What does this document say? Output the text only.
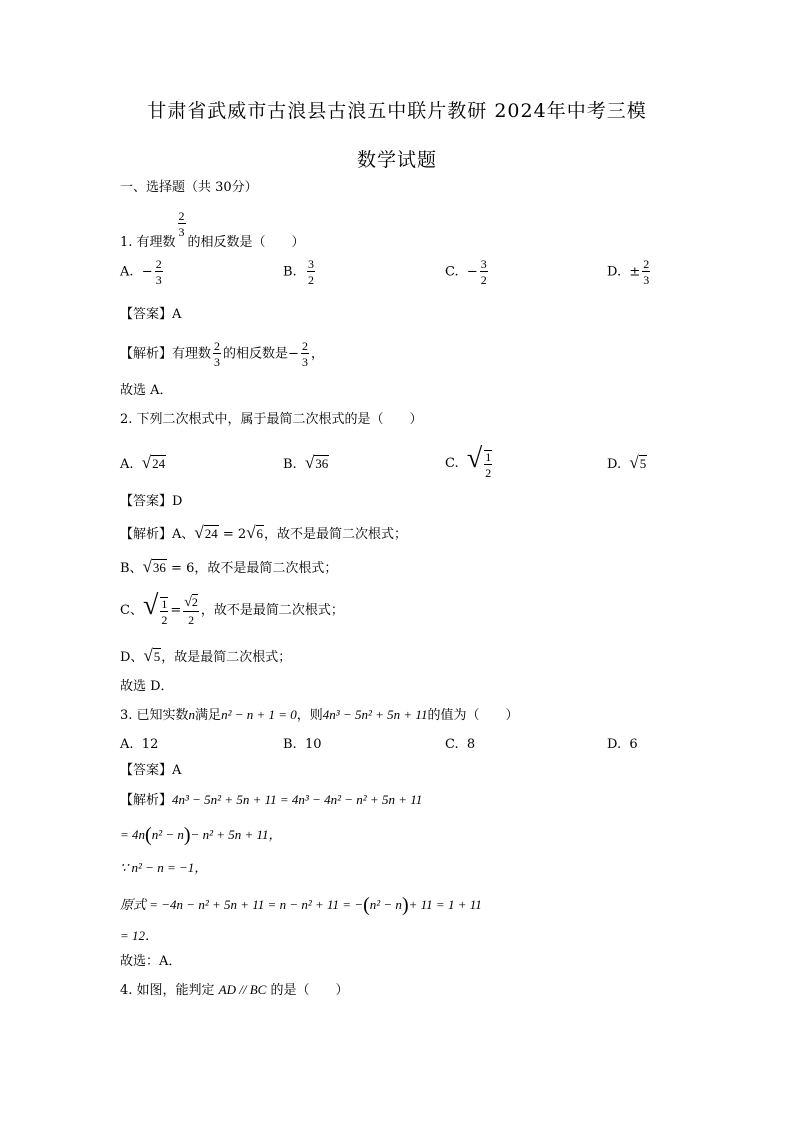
甘肃省武威市古浪县古浪五中联片教研 2024年中考三模
数学试题
一、选择题（共 30分）
1. 有理数
$\frac{2}{3}$
的相反数是（　　）
A. − $\frac{2}{3}$	B. $\frac{3}{2}$	C. − $\frac{3}{2}$	D. ± $\frac{2}{3}$
【答案】A
【解析】有理数 $\frac{2}{3}$ 的相反数是− $\frac{2}{3}$ ，
故选 A．
2. 下列二次根式中，属于最简二次根式的是（　　）
A. √24	B. √36	C. √ $\frac{1}{2}$	D. √5
【答案】D
【解析】A、√24 = 2√6，故不是最简二次根式；
B、√36 = 6，故不是最简二次根式；
C、√ $\frac{1}{2} = \frac{√2}{2}$ ，故不是最简二次根式；
D、√5，故是最简二次根式；
故选 D．
3. 已知实数n满足n² − n + 1 = 0，则4n³ − 5n² + 5n + 11的值为（　　）
A. 12	B. 10	C. 8	D. 6
【答案】A
【解析】4n³ − 5n² + 5n + 11 = 4n³ − 4n² − n² + 5n + 11
= 4n(n² − n)− n² + 5n + 11，
∵ n² − n = −1，
原式 = −4n − n² + 5n + 11 = n − n² + 11 = −(n² − n)+ 11 = 1 + 11
= 12．
故选：A．
4. 如图，能判定 AD // BC 的是（　　）
